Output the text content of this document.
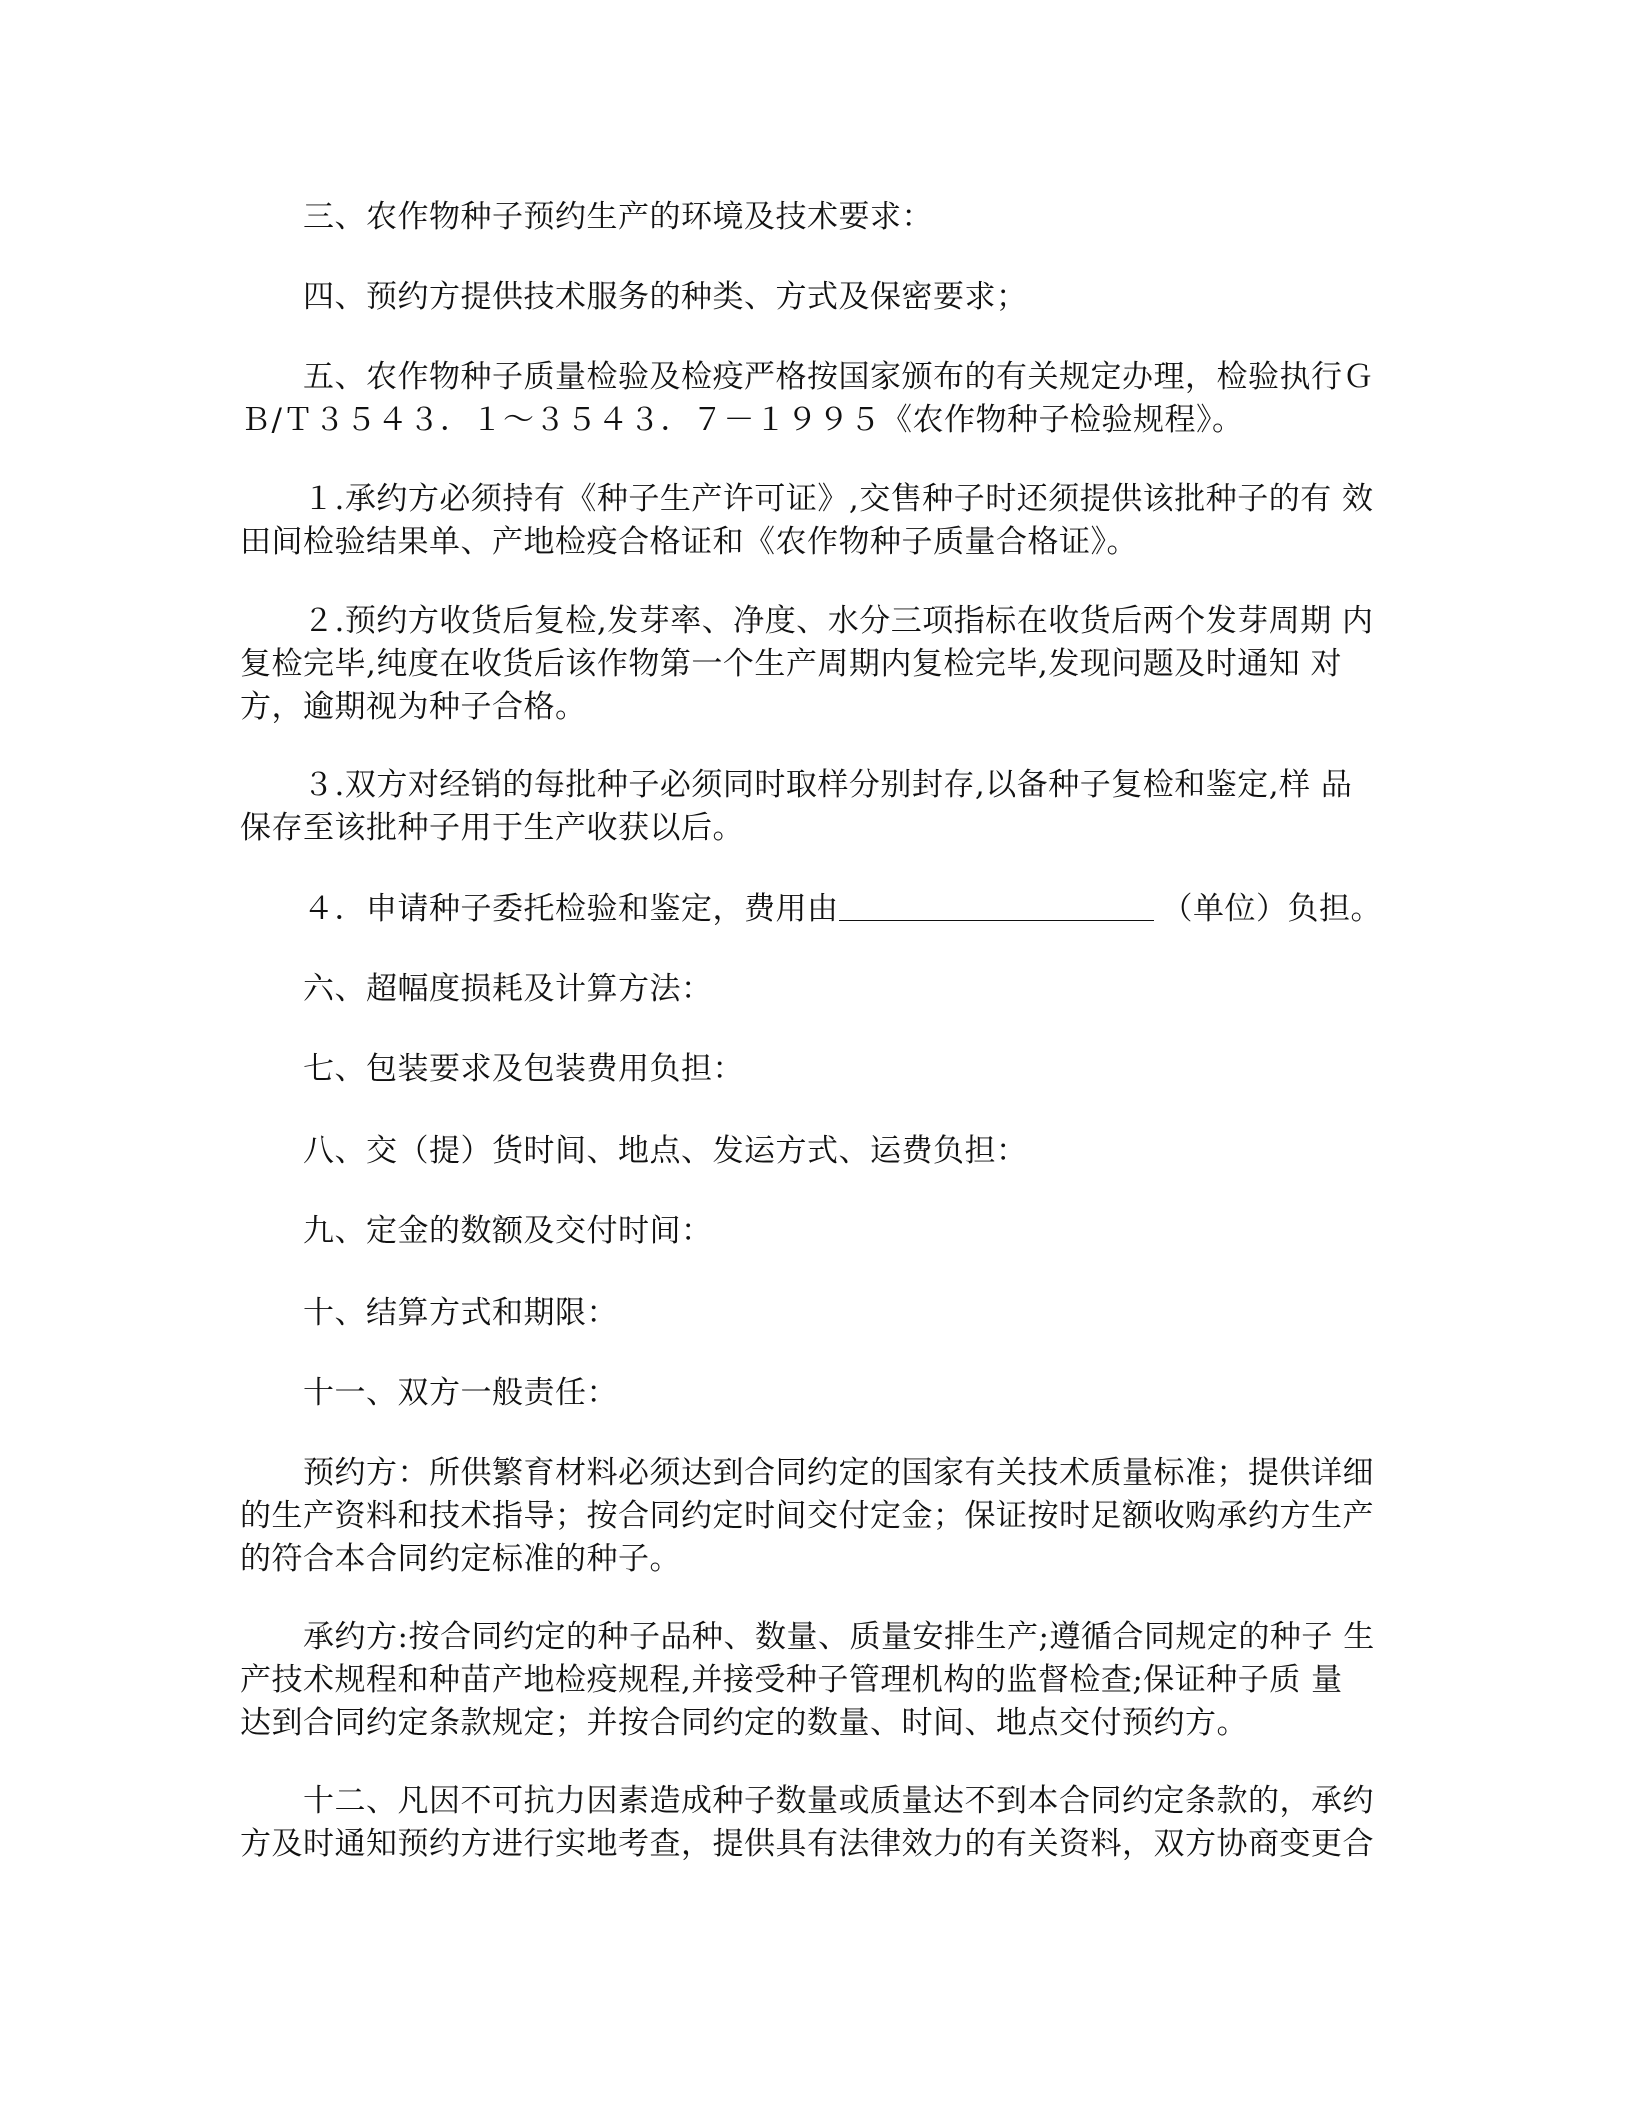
　　三、农作物种子预约生产的环境及技术要求：
　　四、预约方提供技术服务的种类、方式及保密要求；
　　五、农作物种子质量检验及检疫严格按国家颁布的有关规定办理，检验执行Ｇ
Ｂ/Ｔ３５４３．１～３５４３．７－１９９５《农作物种子检验规程》。
　　１.承约方必须持有《种子生产许可证》,交售种子时还须提供该批种子的有 效
田间检验结果单、产地检疫合格证和《农作物种子质量合格证》。
　　２.预约方收货后复检,发芽率、净度、水分三项指标在收货后两个发芽周期 内
复检完毕,纯度在收货后该作物第一个生产周期内复检完毕,发现问题及时通知 对
方，逾期视为种子合格。
　　３.双方对经销的每批种子必须同时取样分别封存,以备种子复检和鉴定,样 品
保存至该批种子用于生产收获以后。
　　４．申请种子委托检验和鉴定，费用由	（单位）负担。
　　六、超幅度损耗及计算方法：
　　七、包装要求及包装费用负担：
　　八、交（提）货时间、地点、发运方式、运费负担：
　　九、定金的数额及交付时间：
　　十、结算方式和期限：
　　十一、双方一般责任：
　　预约方：所供繁育材料必须达到合同约定的国家有关技术质量标准；提供详细
的生产资料和技术指导；按合同约定时间交付定金；保证按时足额收购承约方生产
的符合本合同约定标准的种子。
　　承约方:按合同约定的种子品种、数量、质量安排生产;遵循合同规定的种子 生
产技术规程和种苗产地检疫规程,并接受种子管理机构的监督检查;保证种子质 量
达到合同约定条款规定；并按合同约定的数量、时间、地点交付预约方。
　　十二、凡因不可抗力因素造成种子数量或质量达不到本合同约定条款的，承约
方及时通知预约方进行实地考查，提供具有法律效力的有关资料，双方协商变更合
